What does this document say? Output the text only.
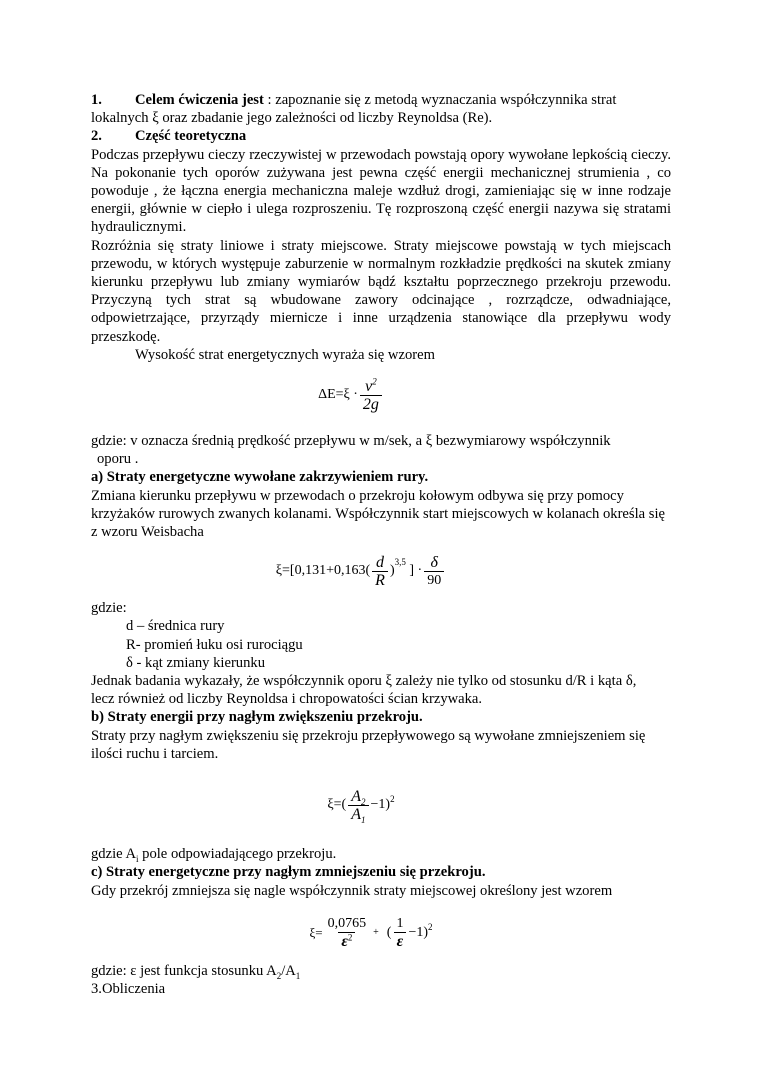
1. Celem ćwiczenia jest : zapoznanie się z metodą wyznaczania współczynnika strat

lokalnych ξ oraz zbadanie jego zależności od liczby Reynoldsa (Re).

2. Część teoretyczna

Podczas przepływu cieczy rzeczywistej w przewodach powstają opory wywołane lepkością cieczy. Na pokonanie tych oporów zużywana jest pewna część energii mechanicznej strumienia , co powoduje , że łączna energia mechaniczna maleje wzdłuż drogi, zamieniając się w inne rodzaje energii, głównie w ciepło i ulega rozproszeniu. Tę rozproszoną część energii nazywa się stratami hydraulicznymi.

Rozróżnia się straty liniowe i straty miejscowe. Straty miejscowe powstają w tych miejscach przewodu, w których występuje zaburzenie w normalnym rozkładzie prędkości na skutek zmiany kierunku przepływu lub zmiany wymiarów bądź kształtu poprzecznego przekroju przewodu. Przyczyną tych strat są wbudowane zawory odcinające , rozrządcze, odwadniające, odpowietrzające, przyrządy miernicze i inne urządzenia stanowiące dla przepływu wody przeszkodę.

Wysokość strat energetycznych wyraża się wzorem

$\Delta E=\xi \cdot \frac{v^2}{2g}$

gdzie: v oznacza średnią prędkość przepływu w m/sek, a ξ bezwymiarowy współczynnik

oporu .

a) Straty energetyczne wywołane zakrzywieniem rury.

Zmiana kierunku przepływu w przewodach o przekroju kołowym odbywa się przy pomocy krzyżaków rurowych zwanych kolanami. Współczynnik start miejscowych w kolanach określa się z wzoru Weisbacha

$\xi=[0,131+0,163( \frac{d}{R} )^{3,5}$
] · $\frac{\delta}{90}$

gdzie:

d – średnica rury

R- promień łuku osi rurociągu

δ - kąt zmiany kierunku

Jednak badania wykazały, że współczynnik oporu ξ zależy nie tylko od stosunku d/R i kąta δ,

lecz również od liczby Reynoldsa i chropowatości ścian krzywaka.

b) Straty energii przy nagłym zwiększeniu przekroju.

Straty przy nagłym zwiększeniu się przekroju przepływowego są wywołane zmniejszeniem się ilości ruchu i tarciem.

$\xi=( \frac{A_2}{A_1} -1)^2$

gdzie $A_i$ pole odpowiadającego przekroju.

c) Straty energetyczne przy nagłym zmniejszeniu się przekroju.

Gdy przekrój zmniejsza się nagle współczynnik straty miejscowej określony jest wzorem

$\xi= \frac{0,0765}{\varepsilon^2}$ + ( $\frac{1}{\varepsilon} -1)^2$

gdzie: ε jest funkcja stosunku $A_2/A_1$

3.Obliczenia
